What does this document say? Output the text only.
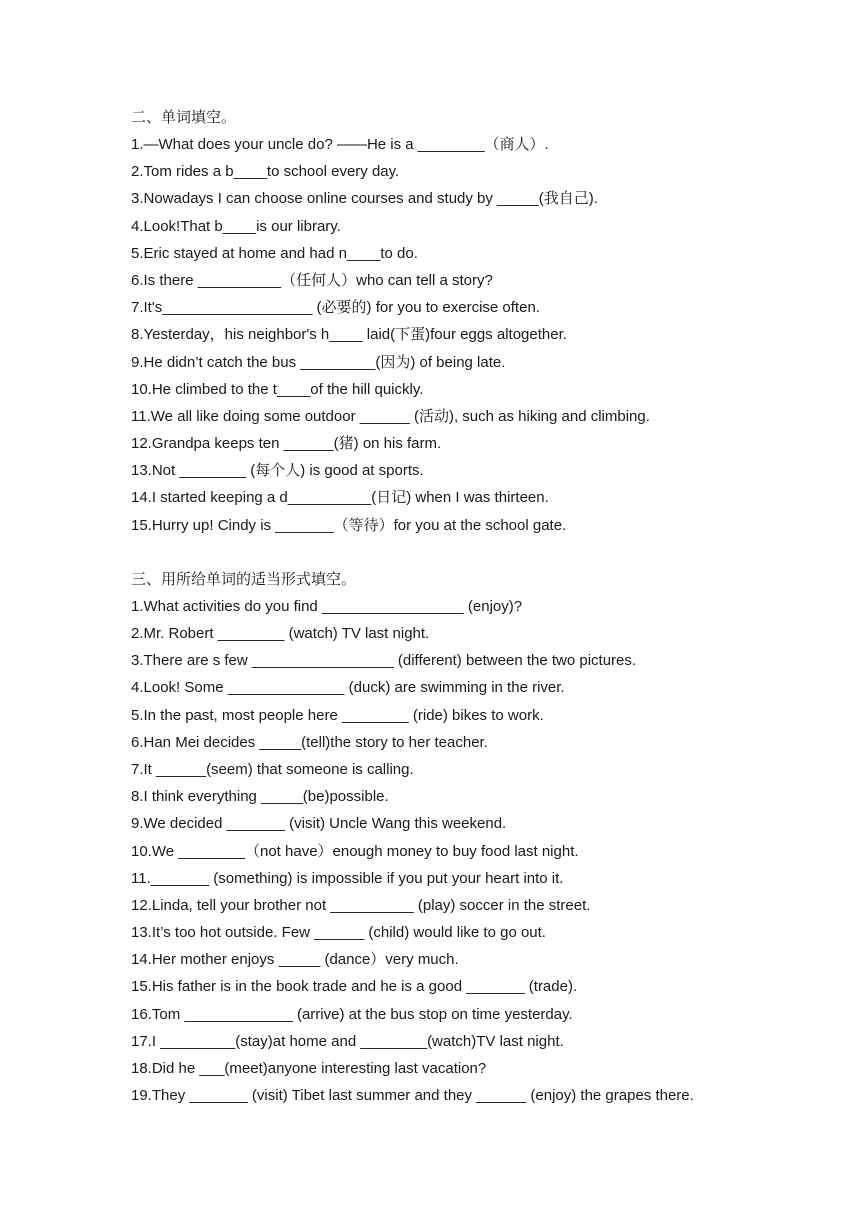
二、单词填空。
1.—What does your uncle do? ——He is a ________（商人）.
2.Tom rides a b____to school every day.
3.Nowadays I can choose online courses and study by _____(我自己).
4.Look!That b____is our library.
5.Eric stayed at home and had n____to do.
6.Is there __________（任何人）who can tell a story?
7.It's__________________ (必要的) for you to exercise often.
8.Yesterday，his neighbor's h____ laid(下蛋)four eggs altogether.
9.He didn’t catch the bus _________(因为) of being late.
10.He climbed to the t____of the hill quickly.
11.We all like doing some outdoor ______ (活动), such as hiking and climbing.
12.Grandpa keeps ten ______(猪) on his farm.
13.Not ________ (每个人) is good at sports.
14.I started keeping a d__________(日记) when I was thirteen.
15.Hurry up! Cindy is _______（等待）for you at the school gate.
三、用所给单词的适当形式填空。
1.What activities do you find _________________ (enjoy)?
2.Mr. Robert ________ (watch) TV last night.
3.There are s few _________________ (different) between the two pictures.
4.Look! Some ______________ (duck) are swimming in the river.
5.In the past, most people here ________ (ride) bikes to work.
6.Han Mei decides _____(tell)the story to her teacher.
7.It ______(seem) that someone is calling.
8.I think everything _____(be)possible.
9.We decided _______ (visit) Uncle Wang this weekend.
10.We ________（not have）enough money to buy food last night.
11._______ (something) is impossible if you put your heart into it.
12.Linda, tell your brother not __________ (play) soccer in the street.
13.It’s too hot outside. Few ______ (child) would like to go out.
14.Her mother enjoys _____ (dance）very much.
15.His father is in the book trade and he is a good _______ (trade).
16.Tom _____________ (arrive) at the bus stop on time yesterday.
17.I _________(stay)at home and ________(watch)TV last night.
18.Did he ___(meet)anyone interesting last vacation?
19.They _______ (visit) Tibet last summer and they ______ (enjoy) the grapes there.
